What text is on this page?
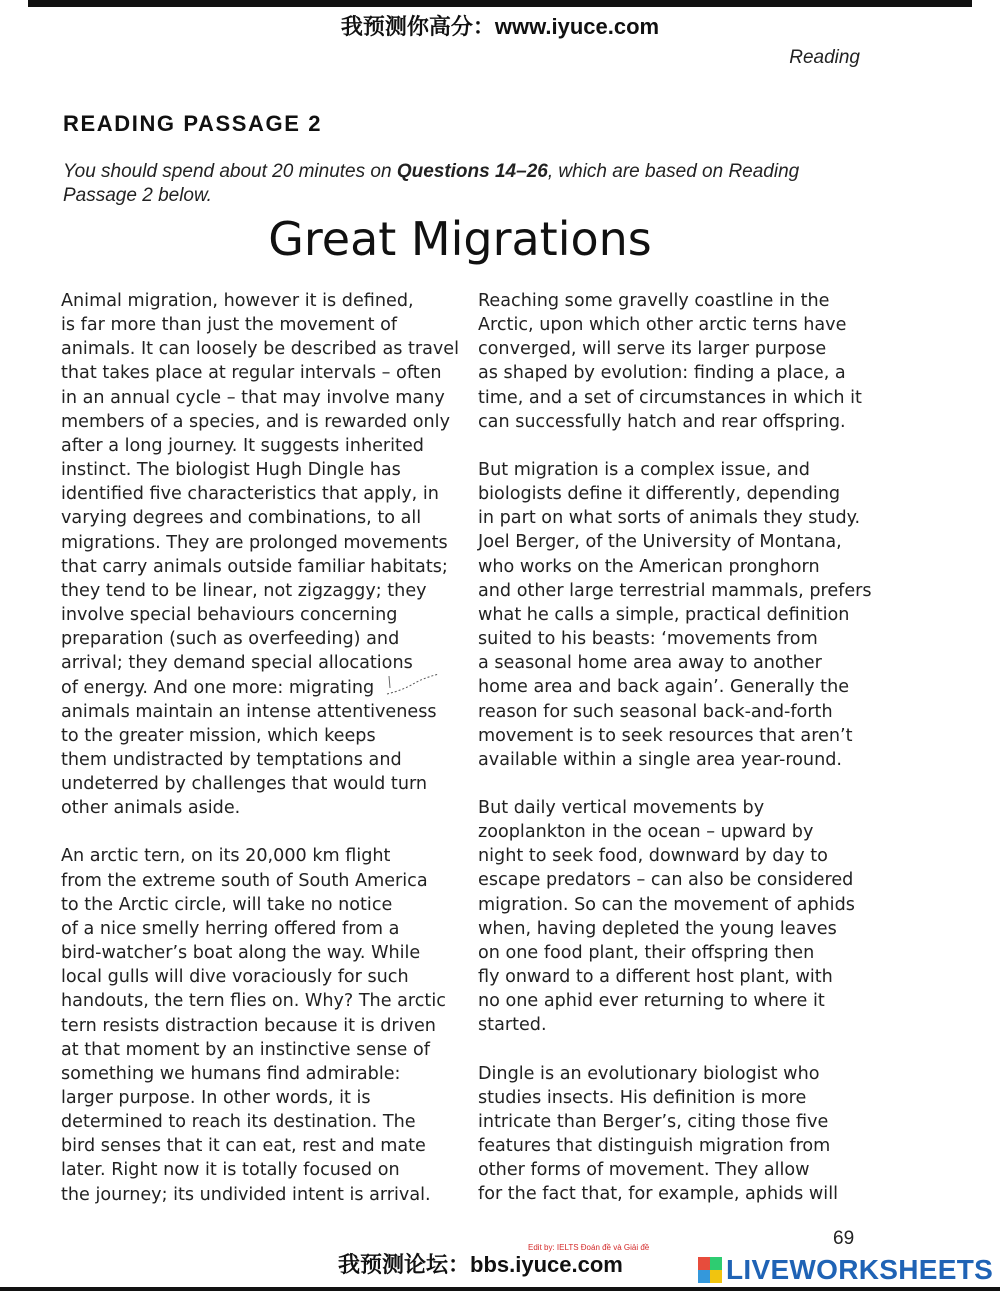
我预测你高分：www.iyuce.com
Reading
READING PASSAGE 2
You should spend about 20 minutes on Questions 14–26, which are based on Reading Passage 2 below.
Great Migrations

Animal migration, however it is defined,
is far more than just the movement of
animals. It can loosely be described as travel
that takes place at regular intervals – often
in an annual cycle – that may involve many
members of a species, and is rewarded only
after a long journey. It suggests inherited
instinct. The biologist Hugh Dingle has
identified five characteristics that apply, in
varying degrees and combinations, to all
migrations. They are prolonged movements
that carry animals outside familiar habitats;
they tend to be linear, not zigzaggy; they
involve special behaviours concerning
preparation (such as overfeeding) and
arrival; they demand special allocations
of energy. And one more: migrating
animals maintain an intense attentiveness
to the greater mission, which keeps
them undistracted by temptations and
undeterred by challenges that would turn
other animals aside.

An arctic tern, on its 20,000 km flight
from the extreme south of South America
to the Arctic circle, will take no notice
of a nice smelly herring offered from a
bird-watcher’s boat along the way. While
local gulls will dive voraciously for such
handouts, the tern flies on. Why? The arctic
tern resists distraction because it is driven
at that moment by an instinctive sense of
something we humans find admirable:
larger purpose. In other words, it is
determined to reach its destination. The
bird senses that it can eat, rest and mate
later. Right now it is totally focused on
the journey; its undivided intent is arrival.

Reaching some gravelly coastline in the
Arctic, upon which other arctic terns have
converged, will serve its larger purpose
as shaped by evolution: finding a place, a
time, and a set of circumstances in which it
can successfully hatch and rear offspring.

But migration is a complex issue, and
biologists define it differently, depending
in part on what sorts of animals they study.
Joel Berger, of the University of Montana,
who works on the American pronghorn
and other large terrestrial mammals, prefers
what he calls a simple, practical definition
suited to his beasts: ‘movements from
a seasonal home area away to another
home area and back again’. Generally the
reason for such seasonal back-and-forth
movement is to seek resources that aren’t
available within a single area year-round.

But daily vertical movements by
zooplankton in the ocean – upward by
night to seek food, downward by day to
escape predators – can also be considered
migration. So can the movement of aphids
when, having depleted the young leaves
on one food plant, their offspring then
fly onward to a different host plant, with
no one aphid ever returning to where it
started.

Dingle is an evolutionary biologist who
studies insects. His definition is more
intricate than Berger’s, citing those five
features that distinguish migration from
other forms of movement. They allow
for the fact that, for example, aphids will

69
Edit by: IELTS Đoán đề và Giải đề
我预测论坛：bbs.iyuce.com	LIVEWORKSHEETS
